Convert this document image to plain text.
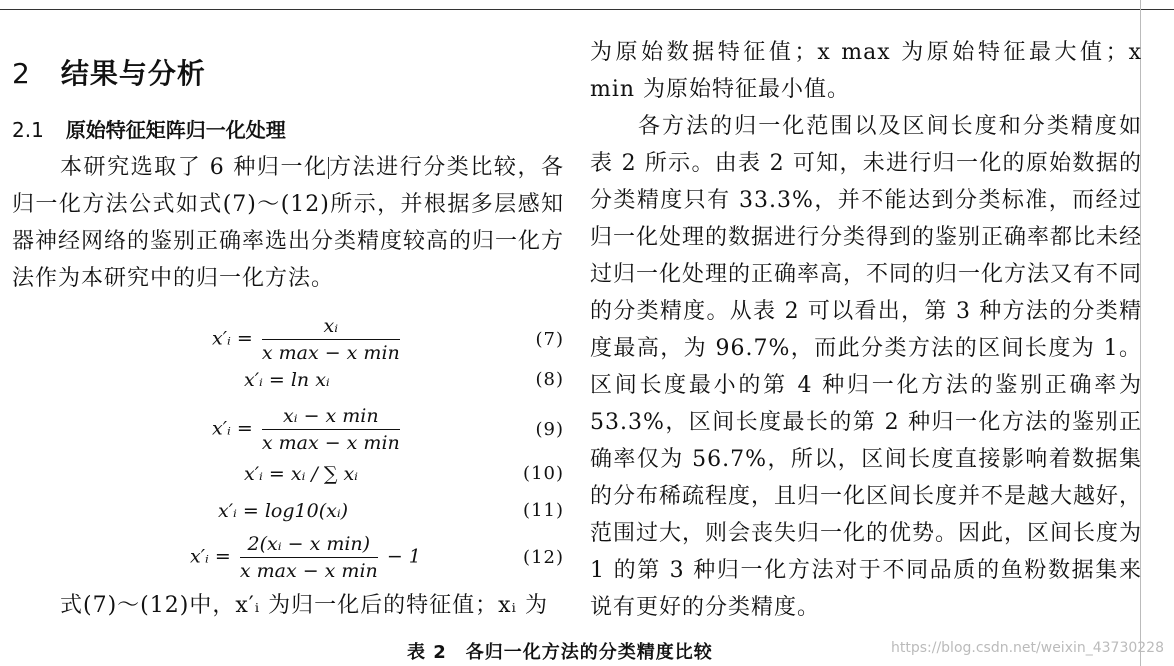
2 结果与分析
2.1 原始特征矩阵归一化处理

本研究选取了 6 种归一化方法进行分类比较，各归一化方法公式如式(7)～(12)所示，并根据多层感知器神经网络的鉴别正确率选出分类精度较高的归一化方法作为本研究中的归一化方法。

x′ᵢ = $\frac{\text{xᵢ}}{\text{x max − x min}}$	(7)
x′ᵢ = ln xᵢ	(8)
x′ᵢ = $\frac{\text{xᵢ − x min}}{\text{x max − x min}}$	(9)
x′ᵢ = xᵢ / ∑ xᵢ	(10)
x′ᵢ = log10(xᵢ)	(11)
x′ᵢ = $\frac{\text{2(xᵢ − x min)}}{\text{x max − x min}} - 1$	(12)

式(7)～(12)中，x′ᵢ 为归一化后的特征值；xᵢ 为

为原始数据特征值；x max 为原始特征最大值；x min 为原始特征最小值。

各方法的归一化范围以及区间长度和分类精度如表 2 所示。由表 2 可知，未进行归一化的原始数据的分类精度只有 33.3%，并不能达到分类标准，而经过归一化处理的数据进行分类得到的鉴别正确率都比未经过归一化处理的正确率高，不同的归一化方法又有不同的分类精度。从表 2 可以看出，第 3 种方法的分类精度最高，为 96.7%，而此分类方法的区间长度为 1。区间长度最小的第 4 种归一化方法的鉴别正确率为 53.3%，区间长度最长的第 2 种归一化方法的鉴别正确率仅为 56.7%，所以，区间长度直接影响着数据集的分布稀疏程度，且归一化区间长度并不是越大越好，范围过大，则会丧失归一化的优势。因此，区间长度为 1 的第 3 种归一化方法对于不同品质的鱼粉数据集来说有更好的分类精度。

表 2　各归一化方法的分类精度比较	https://blog.csdn.net/weixin_43730228
